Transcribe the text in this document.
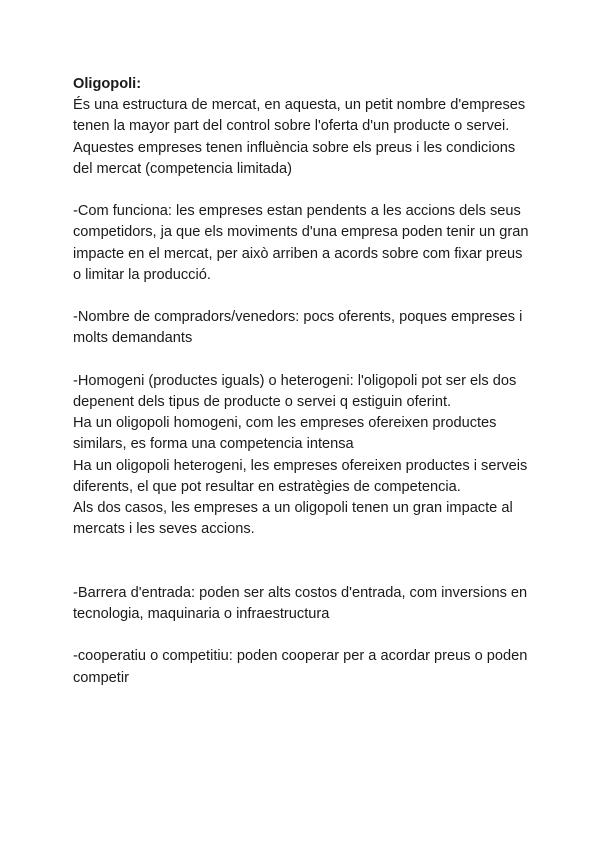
Oligopoli:

És una estructura de mercat, en aquesta, un petit nombre d'empreses tenen la mayor part del control sobre l'oferta d'un producte o servei. Aquestes empreses tenen influència sobre els preus i les condicions del mercat (competencia limitada)

-Com funciona: les empreses estan pendents a les accions dels seus competidors, ja que els moviments d'una empresa poden tenir un gran impacte en el mercat, per això arriben a acords sobre com fixar preus o limitar la producció.

-Nombre de compradors/venedors: pocs oferents, poques empreses i molts demandants

-Homogeni (productes iguals) o heterogeni: l'oligopoli pot ser els dos depenent dels tipus de producte o servei q estiguin oferint.

Ha un oligopoli homogeni, com les empreses ofereixen productes similars, es forma una competencia intensa

Ha un oligopoli heterogeni, les empreses ofereixen productes i serveis diferents, el que pot resultar en estratègies de competencia.

Als dos casos, les empreses a un oligopoli tenen un gran impacte al mercats i les seves accions.

-Barrera d'entrada: poden ser alts costos d'entrada, com inversions en tecnologia, maquinaria o infraestructura

-cooperatiu o competitiu: poden cooperar per a acordar preus o poden competir
